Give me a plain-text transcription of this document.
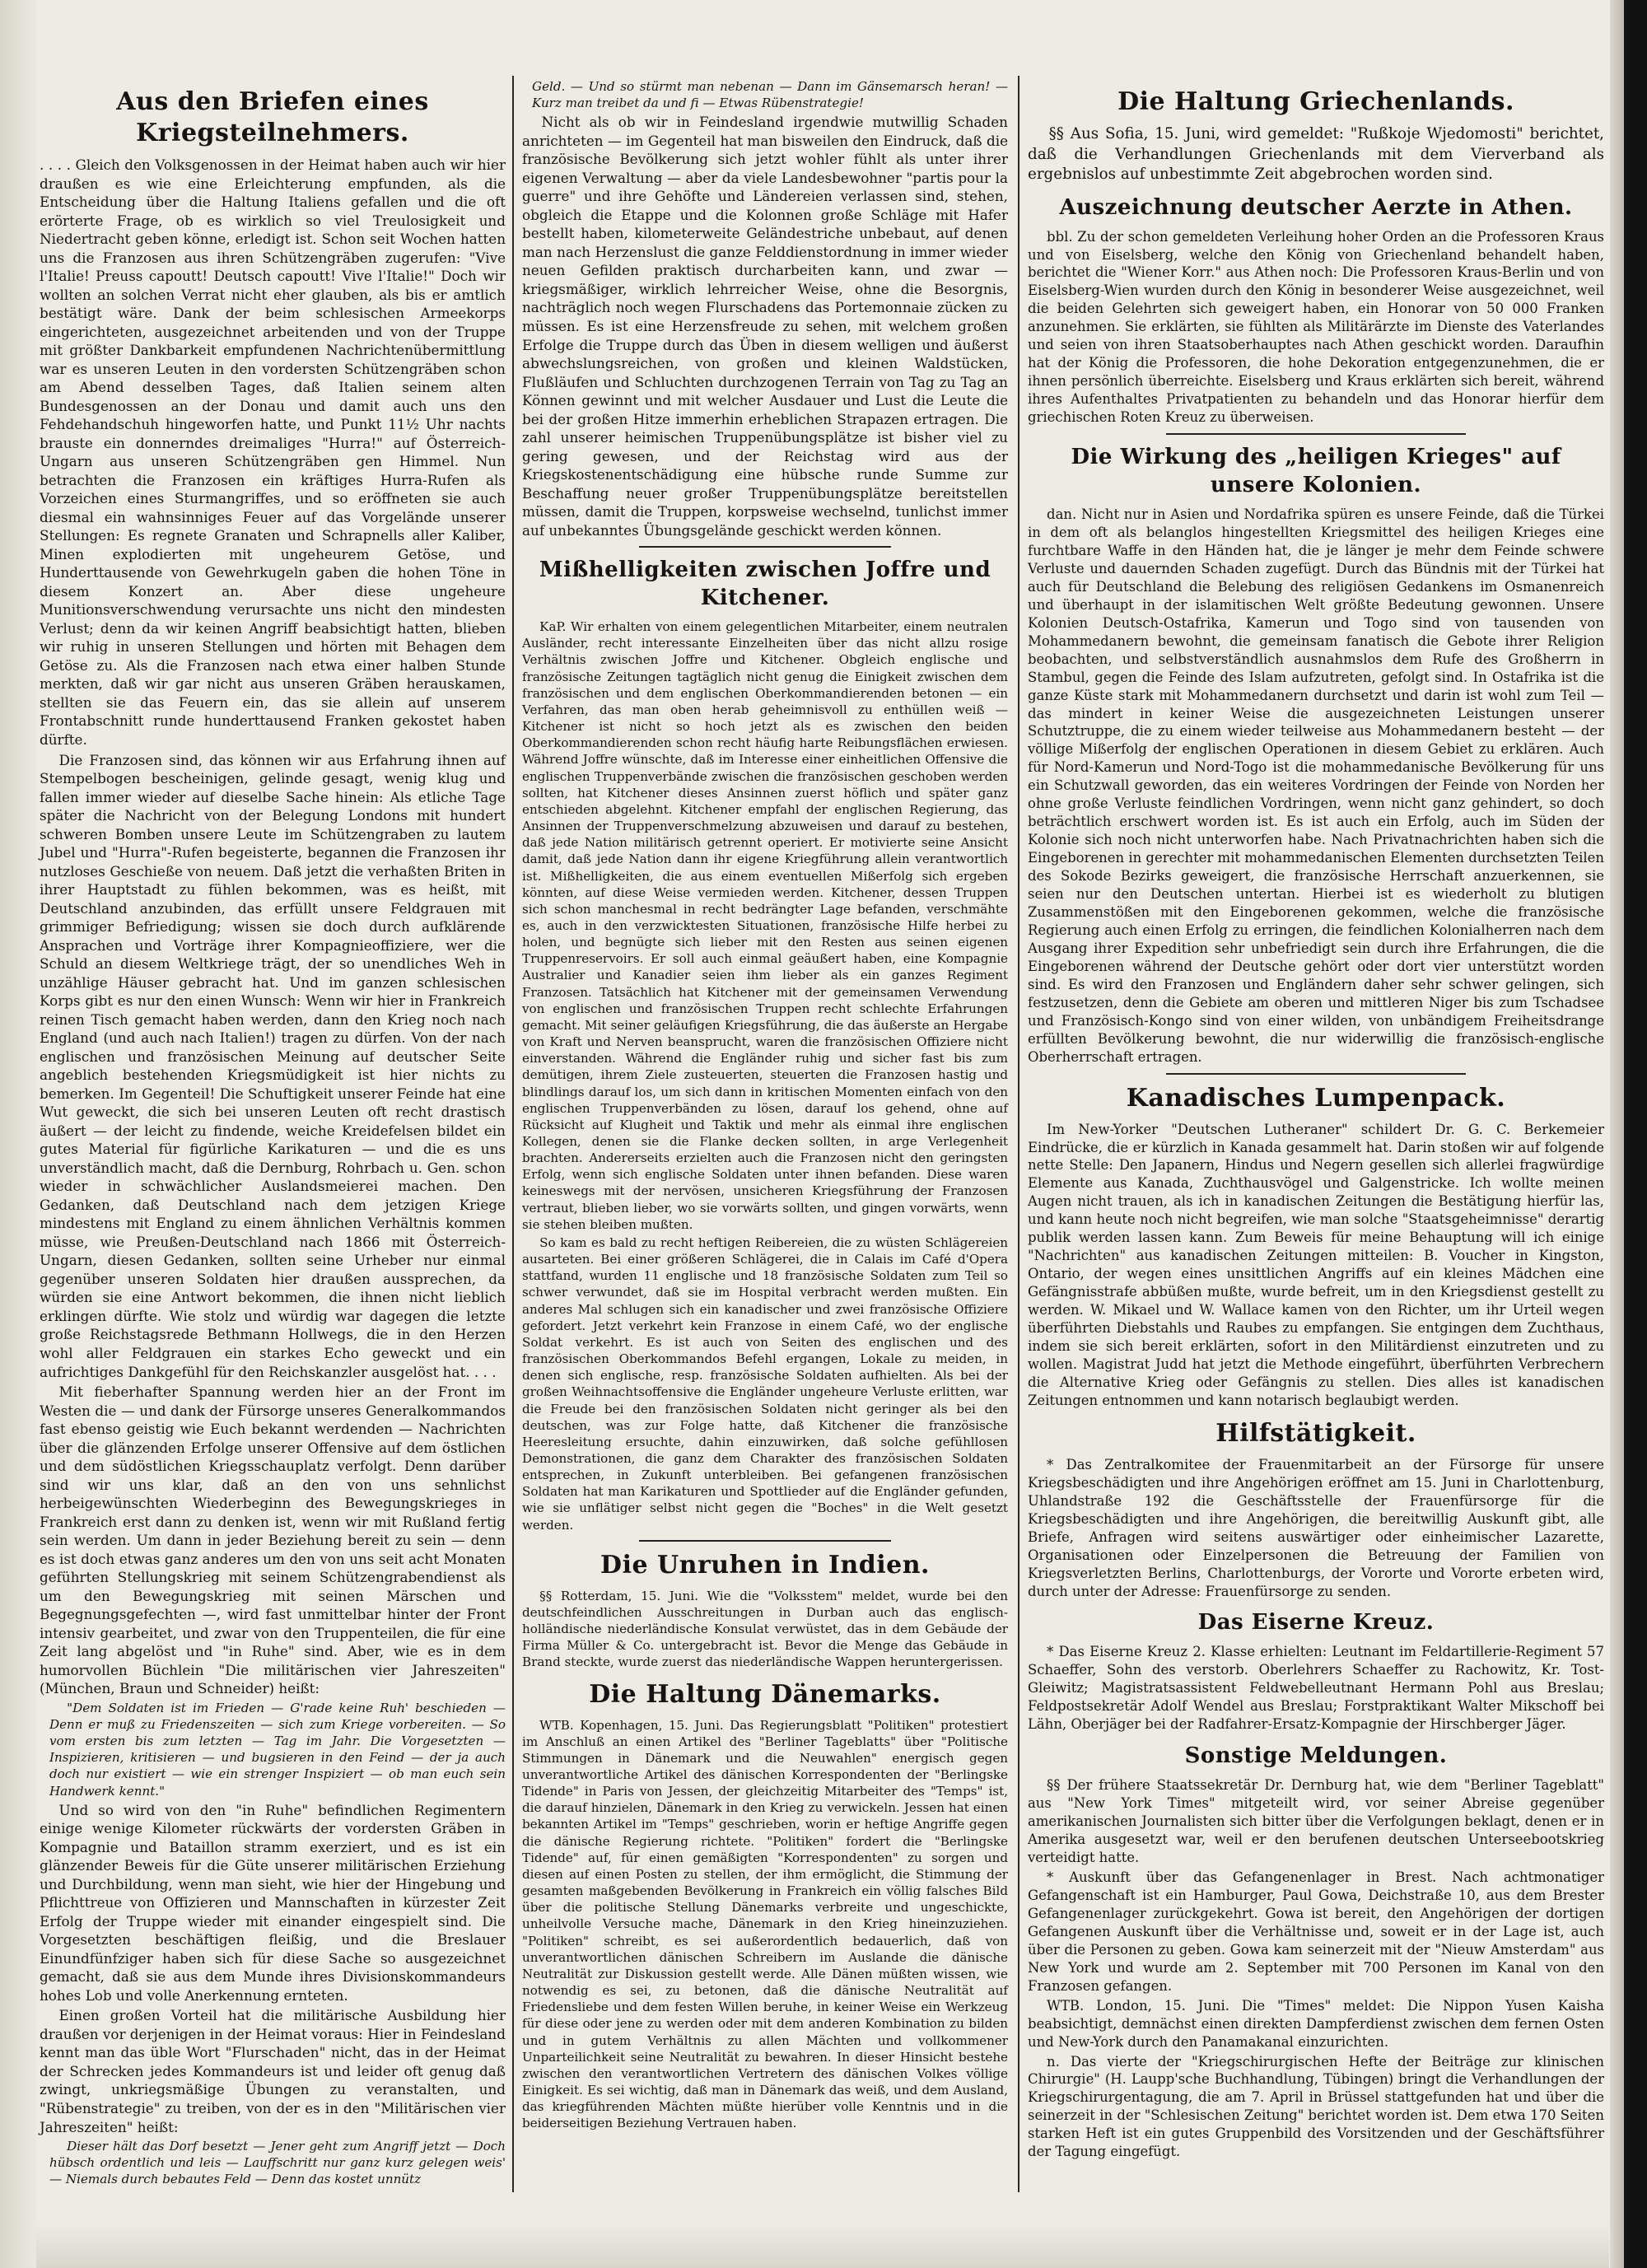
Aus den Briefen eines Kriegsteilnehmers.

. . . . Gleich den Volksgenossen in der Heimat haben auch wir hier draußen es wie eine Erleichterung empfunden, als die Entscheidung über die Haltung Italiens gefallen und die oft erörterte Frage, ob es wirklich so viel Treulosigkeit und Niedertracht geben könne, erledigt ist. Schon seit Wochen hatten uns die Franzosen aus ihren Schützengräben zugerufen: "Vive l'Italie! Preuss capoutt! Deutsch capoutt! Vive l'Italie!" Doch wir wollten an solchen Verrat nicht eher glauben, als bis er amtlich bestätigt wäre. Dank der beim schlesischen Armeekorps eingerichteten, ausgezeichnet arbeitenden und von der Truppe mit größter Dankbarkeit empfundenen Nachrichtenübermittlung war es unseren Leuten in den vordersten Schützengräben schon am Abend desselben Tages, daß Italien seinem alten Bundesgenossen an der Donau und damit auch uns den Fehdehandschuh hingeworfen hatte, und Punkt 11½ Uhr nachts brauste ein donnerndes dreimaliges "Hurra!" auf Österreich-Ungarn aus unseren Schützengräben gen Himmel. Nun betrachten die Franzosen ein kräftiges Hurra-Rufen als Vorzeichen eines Sturmangriffes, und so eröffneten sie auch diesmal ein wahnsinniges Feuer auf das Vorgelände unserer Stellungen: Es regnete Granaten und Schrapnells aller Kaliber, Minen explodierten mit ungeheurem Getöse, und Hunderttausende von Gewehrkugeln gaben die hohen Töne in diesem Konzert an. Aber diese ungeheure Munitionsverschwendung verursachte uns nicht den mindesten Verlust; denn da wir keinen Angriff beabsichtigt hatten, blieben wir ruhig in unseren Stellungen und hörten mit Behagen dem Getöse zu. Als die Franzosen nach etwa einer halben Stunde merkten, daß wir gar nicht aus unseren Gräben herauskamen, stellten sie das Feuern ein, das sie allein auf unserem Frontabschnitt runde hunderttausend Franken gekostet haben dürfte.

Die Franzosen sind, das können wir aus Erfahrung ihnen auf Stempelbogen bescheinigen, gelinde gesagt, wenig klug und fallen immer wieder auf dieselbe Sache hinein: Als etliche Tage später die Nachricht von der Belegung Londons mit hundert schweren Bomben unsere Leute im Schützengraben zu lautem Jubel und "Hurra"-Rufen begeisterte, begannen die Franzosen ihr nutzloses Geschieße von neuem. Daß jetzt die verhaßten Briten in ihrer Hauptstadt zu fühlen bekommen, was es heißt, mit Deutschland anzubinden, das erfüllt unsere Feldgrauen mit grimmiger Befriedigung; wissen sie doch durch aufklärende Ansprachen und Vorträge ihrer Kompagnieoffiziere, wer die Schuld an diesem Weltkriege trägt, der so unendliches Weh in unzählige Häuser gebracht hat. Und im ganzen schlesischen Korps gibt es nur den einen Wunsch: Wenn wir hier in Frankreich reinen Tisch gemacht haben werden, dann den Krieg noch nach England (und auch nach Italien!) tragen zu dürfen. Von der nach englischen und französischen Meinung auf deutscher Seite angeblich bestehenden Kriegsmüdigkeit ist hier nichts zu bemerken. Im Gegenteil! Die Schuftigkeit unserer Feinde hat eine Wut geweckt, die sich bei unseren Leuten oft recht drastisch äußert — der leicht zu findende, weiche Kreidefelsen bildet ein gutes Material für figürliche Karikaturen — und die es uns unverständlich macht, daß die Dernburg, Rohrbach u. Gen. schon wieder in schwächlicher Auslandsmeierei machen. Den Gedanken, daß Deutschland nach dem jetzigen Kriege mindestens mit England zu einem ähnlichen Verhältnis kommen müsse, wie Preußen-Deutschland nach 1866 mit Österreich-Ungarn, diesen Gedanken, sollten seine Urheber nur einmal gegenüber unseren Soldaten hier draußen aussprechen, da würden sie eine Antwort bekommen, die ihnen nicht lieblich erklingen dürfte. Wie stolz und würdig war dagegen die letzte große Reichstagsrede Bethmann Hollwegs, die in den Herzen wohl aller Feldgrauen ein starkes Echo geweckt und ein aufrichtiges Dankgefühl für den Reichskanzler ausgelöst hat. . . .

Mit fieberhafter Spannung werden hier an der Front im Westen die — und dank der Fürsorge unseres Generalkommandos fast ebenso geistig wie Euch bekannt werdenden — Nachrichten über die glänzenden Erfolge unserer Offensive auf dem östlichen und dem südöstlichen Kriegsschauplatz verfolgt. Denn darüber sind wir uns klar, daß an den von uns sehnlichst herbeigewünschten Wiederbeginn des Bewegungskrieges in Frankreich erst dann zu denken ist, wenn wir mit Rußland fertig sein werden. Um dann in jeder Beziehung bereit zu sein — denn es ist doch etwas ganz anderes um den von uns seit acht Monaten geführten Stellungskrieg mit seinem Schützengrabendienst als um den Bewegungskrieg mit seinen Märschen und Begegnungsgefechten —, wird fast unmittelbar hinter der Front intensiv gearbeitet, und zwar von den Truppenteilen, die für eine Zeit lang abgelöst und "in Ruhe" sind. Aber, wie es in dem humorvollen Büchlein "Die militärischen vier Jahreszeiten" (München, Braun und Schneider) heißt:

"Dem Soldaten ist im Frieden — G'rade keine Ruh' beschieden — Denn er muß zu Friedenszeiten — sich zum Kriege vorbereiten. — So vom ersten bis zum letzten — Tag im Jahr. Die Vorgesetzten — Inspizieren, kritisieren — und bugsieren in den Feind — der ja auch doch nur existiert — wie ein strenger Inspiziert — ob man euch sein Handwerk kennt."

Und so wird von den "in Ruhe" befindlichen Regimentern einige wenige Kilometer rückwärts der vordersten Gräben in Kompagnie und Bataillon stramm exerziert, und es ist ein glänzender Beweis für die Güte unserer militärischen Erziehung und Durchbildung, wenn man sieht, wie hier der Hingebung und Pflichttreue von Offizieren und Mannschaften in kürzester Zeit Erfolg der Truppe wieder mit einander eingespielt sind. Die Vorgesetzten beschäftigen fleißig, und die Breslauer Einundfünfziger haben sich für diese Sache so ausgezeichnet gemacht, daß sie aus dem Munde ihres Divisionskommandeurs hohes Lob und volle Anerkennung ernteten.

Einen großen Vorteil hat die militärische Ausbildung hier draußen vor derjenigen in der Heimat voraus: Hier in Feindesland kennt man das üble Wort "Flurschaden" nicht, das in der Heimat der Schrecken jedes Kommandeurs ist und leider oft genug daß zwingt, unkriegsmäßige Übungen zu veranstalten, und "Rübenstrategie" zu treiben, von der es in den "Militärischen vier Jahreszeiten" heißt:

Dieser hält das Dorf besetzt — Jener geht zum Angriff jetzt — Doch hübsch ordentlich und leis — Lauffschritt nur ganz kurz gelegen weis' — Niemals durch bebautes Feld — Denn das kostet unnütz

Geld. — Und so stürmt man nebenan — Dann im Gänsemarsch heran! — Kurz man treibet da und fi — Etwas Rübenstrategie!

Nicht als ob wir in Feindesland irgendwie mutwillig Schaden anrichteten — im Gegenteil hat man bisweilen den Eindruck, daß die französische Bevölkerung sich jetzt wohler fühlt als unter ihrer eigenen Verwaltung — aber da viele Landesbewohner "partis pour la guerre" und ihre Gehöfte und Ländereien verlassen sind, stehen, obgleich die Etappe und die Kolonnen große Schläge mit Hafer bestellt haben, kilometerweite Geländestriche unbebaut, auf denen man nach Herzenslust die ganze Felddienstordnung in immer wieder neuen Gefilden praktisch durcharbeiten kann, und zwar — kriegsmäßiger, wirklich lehrreicher Weise, ohne die Besorgnis, nachträglich noch wegen Flurschadens das Portemonnaie zücken zu müssen. Es ist eine Herzensfreude zu sehen, mit welchem großen Erfolge die Truppe durch das Üben in diesem welligen und äußerst abwechslungsreichen, von großen und kleinen Waldstücken, Flußläufen und Schluchten durchzogenen Terrain von Tag zu Tag an Können gewinnt und mit welcher Ausdauer und Lust die Leute die bei der großen Hitze immerhin erheblichen Strapazen ertragen. Die zahl unserer heimischen Truppenübungsplätze ist bisher viel zu gering gewesen, und der Reichstag wird aus der Kriegskostenentschädigung eine hübsche runde Summe zur Beschaffung neuer großer Truppenübungsplätze bereitstellen müssen, damit die Truppen, korpsweise wechselnd, tunlichst immer auf unbekanntes Übungsgelände geschickt werden können.

Mißhelligkeiten zwischen Joffre und Kitchener.

KaP. Wir erhalten von einem gelegentlichen Mitarbeiter, einem neutralen Ausländer, recht interessante Einzelheiten über das nicht allzu rosige Verhältnis zwischen Joffre und Kitchener. Obgleich englische und französische Zeitungen tagtäglich nicht genug die Einigkeit zwischen dem französischen und dem englischen Oberkommandierenden betonen — ein Verfahren, das man oben herab geheimnisvoll zu enthüllen weiß — Kitchener ist nicht so hoch jetzt als es zwischen den beiden Oberkommandierenden schon recht häufig harte Reibungsflächen erwiesen. Während Joffre wünschte, daß im Interesse einer einheitlichen Offensive die englischen Truppenverbände zwischen die französischen geschoben werden sollten, hat Kitchener dieses Ansinnen zuerst höflich und später ganz entschieden abgelehnt. Kitchener empfahl der englischen Regierung, das Ansinnen der Truppenverschmelzung abzuweisen und darauf zu bestehen, daß jede Nation militärisch getrennt operiert. Er motivierte seine Ansicht damit, daß jede Nation dann ihr eigene Kriegführung allein verantwortlich ist. Mißhelligkeiten, die aus einem eventuellen Mißerfolg sich ergeben könnten, auf diese Weise vermieden werden. Kitchener, dessen Truppen sich schon manchesmal in recht bedrängter Lage befanden, verschmähte es, auch in den verzwicktesten Situationen, französische Hilfe herbei zu holen, und begnügte sich lieber mit den Resten aus seinen eigenen Truppenreservoirs. Er soll auch einmal geäußert haben, eine Kompagnie Australier und Kanadier seien ihm lieber als ein ganzes Regiment Franzosen. Tatsächlich hat Kitchener mit der gemeinsamen Verwendung von englischen und französischen Truppen recht schlechte Erfahrungen gemacht. Mit seiner geläufigen Kriegsführung, die das äußerste an Hergabe von Kraft und Nerven beansprucht, waren die französischen Offiziere nicht einverstanden. Während die Engländer ruhig und sicher fast bis zum demütigen, ihrem Ziele zusteuerten, steuerten die Franzosen hastig und blindlings darauf los, um sich dann in kritischen Momenten einfach von den englischen Truppenverbänden zu lösen, darauf los gehend, ohne auf Rücksicht auf Klugheit und Taktik und mehr als einmal ihre englischen Kollegen, denen sie die Flanke decken sollten, in arge Verlegenheit brachten. Andererseits erzielten auch die Franzosen nicht den geringsten Erfolg, wenn sich englische Soldaten unter ihnen befanden. Diese waren keineswegs mit der nervösen, unsicheren Kriegsführung der Franzosen vertraut, blieben lieber, wo sie vorwärts sollten, und gingen vorwärts, wenn sie stehen bleiben mußten.

So kam es bald zu recht heftigen Reibereien, die zu wüsten Schlägereien ausarteten. Bei einer größeren Schlägerei, die in Calais im Café d'Opera stattfand, wurden 11 englische und 18 französische Soldaten zum Teil so schwer verwundet, daß sie im Hospital verbracht werden mußten. Ein anderes Mal schlugen sich ein kanadischer und zwei französische Offiziere gefordert. Jetzt verkehrt kein Franzose in einem Café, wo der englische Soldat verkehrt. Es ist auch von Seiten des englischen und des französischen Oberkommandos Befehl ergangen, Lokale zu meiden, in denen sich englische, resp. französische Soldaten aufhielten. Als bei der großen Weihnachtsoffensive die Engländer ungeheure Verluste erlitten, war die Freude bei den französischen Soldaten nicht geringer als bei den deutschen, was zur Folge hatte, daß Kitchener die französische Heeresleitung ersuchte, dahin einzuwirken, daß solche gefühllosen Demonstrationen, die ganz dem Charakter des französischen Soldaten entsprechen, in Zukunft unterbleiben. Bei gefangenen französischen Soldaten hat man Karikaturen und Spottlieder auf die Engländer gefunden, wie sie unflätiger selbst nicht gegen die "Boches" in die Welt gesetzt werden.

Die Unruhen in Indien.

§§ Rotterdam, 15. Juni. Wie die "Volksstem" meldet, wurde bei den deutschfeindlichen Ausschreitungen in Durban auch das englisch-holländische niederländische Konsulat verwüstet, das in dem Gebäude der Firma Müller & Co. untergebracht ist. Bevor die Menge das Gebäude in Brand steckte, wurde zuerst das niederländische Wappen heruntergerissen.

Die Haltung Dänemarks.

WTB. Kopenhagen, 15. Juni. Das Regierungsblatt "Politiken" protestiert im Anschluß an einen Artikel des "Berliner Tageblatts" über "Politische Stimmungen in Dänemark und die Neuwahlen" energisch gegen unverantwortliche Artikel des dänischen Korrespondenten der "Berlingske Tidende" in Paris von Jessen, der gleichzeitig Mitarbeiter des "Temps" ist, die darauf hinzielen, Dänemark in den Krieg zu verwickeln. Jessen hat einen bekannten Artikel im "Temps" geschrieben, worin er heftige Angriffe gegen die dänische Regierung richtete. "Politiken" fordert die "Berlingske Tidende" auf, für einen gemäßigten "Korrespondenten" zu sorgen und diesen auf einen Posten zu stellen, der ihm ermöglicht, die Stimmung der gesamten maßgebenden Bevölkerung in Frankreich ein völlig falsches Bild über die politische Stellung Dänemarks verbreite und ungeschickte, unheilvolle Versuche mache, Dänemark in den Krieg hineinzuziehen. "Politiken" schreibt, es sei außerordentlich bedauerlich, daß von unverantwortlichen dänischen Schreibern im Auslande die dänische Neutralität zur Diskussion gestellt werde. Alle Dänen müßten wissen, wie notwendig es sei, zu betonen, daß die dänische Neutralität auf Friedensliebe und dem festen Willen beruhe, in keiner Weise ein Werkzeug für diese oder jene zu werden oder mit dem anderen Kombination zu bilden und in gutem Verhältnis zu allen Mächten und vollkommener Unparteilichkeit seine Neutralität zu bewahren. In dieser Hinsicht bestehe zwischen den verantwortlichen Vertretern des dänischen Volkes völlige Einigkeit. Es sei wichtig, daß man in Dänemark das weiß, und dem Ausland, das kriegführenden Mächten müßte hierüber volle Kenntnis und in die beiderseitigen Beziehung Vertrauen haben.

Die Haltung Griechenlands.

§§ Aus Sofia, 15. Juni, wird gemeldet: "Rußkoje Wjedomosti" berichtet, daß die Verhandlungen Griechenlands mit dem Vierverband als ergebnislos auf unbestimmte Zeit abgebrochen worden sind.

Auszeichnung deutscher Aerzte in Athen.

bbl. Zu der schon gemeldeten Verleihung hoher Orden an die Professoren Kraus und von Eiselsberg, welche den König von Griechenland behandelt haben, berichtet die "Wiener Korr." aus Athen noch: Die Professoren Kraus-Berlin und von Eiselsberg-Wien wurden durch den König in besonderer Weise ausgezeichnet, weil die beiden Gelehrten sich geweigert haben, ein Honorar von 50 000 Franken anzunehmen. Sie erklärten, sie fühlten als Militärärzte im Dienste des Vaterlandes und seien von ihren Staatsoberhauptes nach Athen geschickt worden. Daraufhin hat der König die Professoren, die hohe Dekoration entgegenzunehmen, die er ihnen persönlich überreichte. Eiselsberg und Kraus erklärten sich bereit, während ihres Aufenthaltes Privatpatienten zu behandeln und das Honorar hierfür dem griechischen Roten Kreuz zu überweisen.

Die Wirkung des „heiligen Krieges" auf unsere Kolonien.

dan. Nicht nur in Asien und Nordafrika spüren es unsere Feinde, daß die Türkei in dem oft als belanglos hingestellten Kriegsmittel des heiligen Krieges eine furchtbare Waffe in den Händen hat, die je länger je mehr dem Feinde schwere Verluste und dauernden Schaden zugefügt. Durch das Bündnis mit der Türkei hat auch für Deutschland die Belebung des religiösen Gedankens im Osmanenreich und überhaupt in der islamitischen Welt größte Bedeutung gewonnen. Unsere Kolonien Deutsch-Ostafrika, Kamerun und Togo sind von tausenden von Mohammedanern bewohnt, die gemeinsam fanatisch die Gebote ihrer Religion beobachten, und selbstverständlich ausnahmslos dem Rufe des Großherrn in Stambul, gegen die Feinde des Islam aufzutreten, gefolgt sind. In Ostafrika ist die ganze Küste stark mit Mohammedanern durchsetzt und darin ist wohl zum Teil — das mindert in keiner Weise die ausgezeichneten Leistungen unserer Schutztruppe, die zu einem wieder teilweise aus Mohammedanern besteht — der völlige Mißerfolg der englischen Operationen in diesem Gebiet zu erklären. Auch für Nord-Kamerun und Nord-Togo ist die mohammedanische Bevölkerung für uns ein Schutzwall geworden, das ein weiteres Vordringen der Feinde von Norden her ohne große Verluste feindlichen Vordringen, wenn nicht ganz gehindert, so doch beträchtlich erschwert worden ist. Es ist auch ein Erfolg, auch im Süden der Kolonie sich noch nicht unterworfen habe. Nach Privatnachrichten haben sich die Eingeborenen in gerechter mit mohammedanischen Elementen durchsetzten Teilen des Sokode Bezirks geweigert, die französische Herrschaft anzuerkennen, sie seien nur den Deutschen untertan. Hierbei ist es wiederholt zu blutigen Zusammenstößen mit den Eingeborenen gekommen, welche die französische Regierung auch einen Erfolg zu erringen, die feindlichen Kolonialherren nach dem Ausgang ihrer Expedition sehr unbefriedigt sein durch ihre Erfahrungen, die die Eingeborenen während der Deutsche gehört oder dort vier unterstützt worden sind. Es wird den Franzosen und Engländern daher sehr schwer gelingen, sich festzusetzen, denn die Gebiete am oberen und mittleren Niger bis zum Tschadsee und Französisch-Kongo sind von einer wilden, von unbändigem Freiheitsdrange erfüllten Bevölkerung bewohnt, die nur widerwillig die französisch-englische Oberherrschaft ertragen.

Kanadisches Lumpenpack.

Im New-Yorker "Deutschen Lutheraner" schildert Dr. G. C. Berkemeier Eindrücke, die er kürzlich in Kanada gesammelt hat. Darin stoßen wir auf folgende nette Stelle: Den Japanern, Hindus und Negern gesellen sich allerlei fragwürdige Elemente aus Kanada, Zuchthausvögel und Galgenstricke. Ich wollte meinen Augen nicht trauen, als ich in kanadischen Zeitungen die Bestätigung hierfür las, und kann heute noch nicht begreifen, wie man solche "Staatsgeheimnisse" derartig publik werden lassen kann. Zum Beweis für meine Behauptung will ich einige "Nachrichten" aus kanadischen Zeitungen mitteilen: B. Voucher in Kingston, Ontario, der wegen eines unsittlichen Angriffs auf ein kleines Mädchen eine Gefängnisstrafe abbüßen mußte, wurde befreit, um in den Kriegsdienst gestellt zu werden. W. Mikael und W. Wallace kamen von den Richter, um ihr Urteil wegen überführten Diebstahls und Raubes zu empfangen. Sie entgingen dem Zuchthaus, indem sie sich bereit erklärten, sofort in den Militärdienst einzutreten und zu wollen. Magistrat Judd hat jetzt die Methode eingeführt, überführten Verbrechern die Alternative Krieg oder Gefängnis zu stellen. Dies alles ist kanadischen Zeitungen entnommen und kann notarisch beglaubigt werden.

Hilfstätigkeit.

* Das Zentralkomitee der Frauenmitarbeit an der Fürsorge für unsere Kriegsbeschädigten und ihre Angehörigen eröffnet am 15. Juni in Charlottenburg, Uhlandstraße 192 die Geschäftsstelle der Frauenfürsorge für die Kriegsbeschädigten und ihre Angehörigen, die bereitwillig Auskunft gibt, alle Briefe, Anfragen wird seitens auswärtiger oder einheimischer Lazarette, Organisationen oder Einzelpersonen die Betreuung der Familien von Kriegsverletzten Berlins, Charlottenburgs, der Vororte und Vororte erbeten wird, durch unter der Adresse: Frauenfürsorge zu senden.

Das Eiserne Kreuz.

* Das Eiserne Kreuz 2. Klasse erhielten: Leutnant im Feldartillerie-Regiment 57 Schaeffer, Sohn des verstorb. Oberlehrers Schaeffer zu Rachowitz, Kr. Tost-Gleiwitz; Magistratsassistent Feldwebelleutnant Hermann Pohl aus Breslau; Feldpostsekretär Adolf Wendel aus Breslau; Forstpraktikant Walter Mikschoff bei Lähn, Oberjäger bei der Radfahrer-Ersatz-Kompagnie der Hirschberger Jäger.

Sonstige Meldungen.

§§ Der frühere Staatssekretär Dr. Dernburg hat, wie dem "Berliner Tageblatt" aus "New York Times" mitgeteilt wird, vor seiner Abreise gegenüber amerikanischen Journalisten sich bitter über die Verfolgungen beklagt, denen er in Amerika ausgesetzt war, weil er den berufenen deutschen Unterseebootskrieg verteidigt hatte.

* Auskunft über das Gefangenenlager in Brest. Nach achtmonatiger Gefangenschaft ist ein Hamburger, Paul Gowa, Deichstraße 10, aus dem Brester Gefangenenlager zurückgekehrt. Gowa ist bereit, den Angehörigen der dortigen Gefangenen Auskunft über die Verhältnisse und, soweit er in der Lage ist, auch über die Personen zu geben. Gowa kam seinerzeit mit der "Nieuw Amsterdam" aus New York und wurde am 2. September mit 700 Personen im Kanal von den Franzosen gefangen.

WTB. London, 15. Juni. Die "Times" meldet: Die Nippon Yusen Kaisha beabsichtigt, demnächst einen direkten Dampferdienst zwischen dem fernen Osten und New-York durch den Panamakanal einzurichten.

n. Das vierte der "Kriegschirurgischen Hefte der Beiträge zur klinischen Chirurgie" (H. Laupp'sche Buchhandlung, Tübingen) bringt die Verhandlungen der Kriegschirurgentagung, die am 7. April in Brüssel stattgefunden hat und über die seinerzeit in der "Schlesischen Zeitung" berichtet worden ist. Dem etwa 170 Seiten starken Heft ist ein gutes Gruppenbild des Vorsitzenden und der Geschäftsführer der Tagung eingefügt.
